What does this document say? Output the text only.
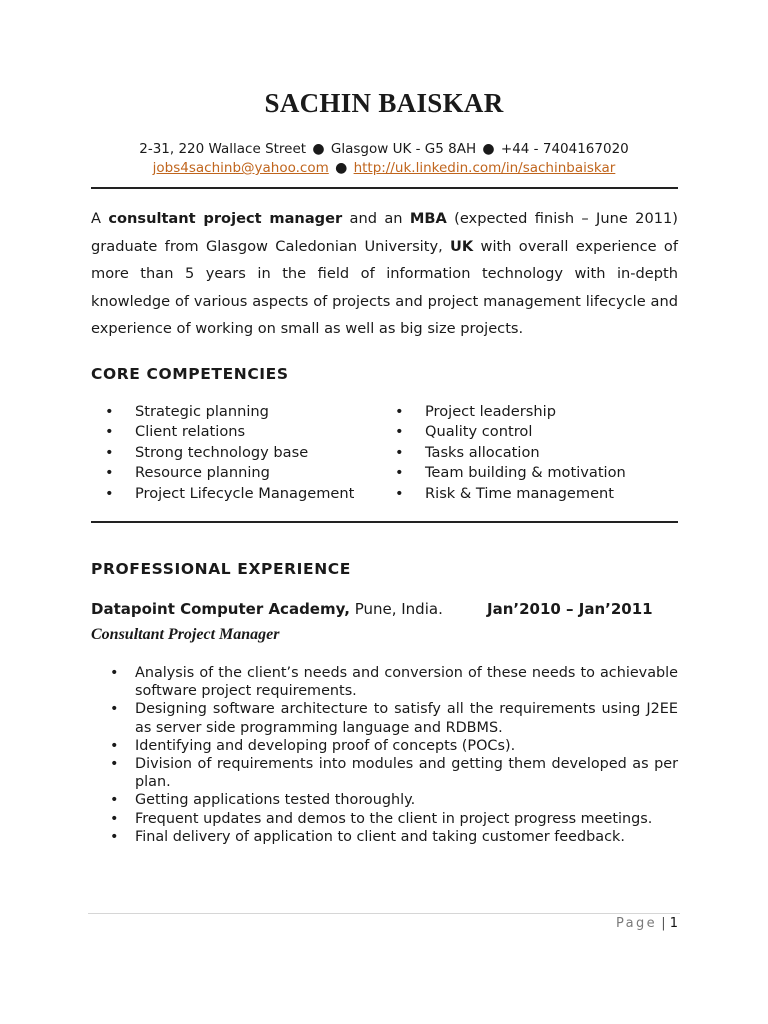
SACHIN BAISKAR
2-31, 220 Wallace Street ● Glasgow UK - G5 8AH ● +44 - 7404167020
jobs4sachinb@yahoo.com ● http://uk.linkedin.com/in/sachinbaiskar

A consultant project manager and an MBA (expected finish – June 2011) graduate from Glasgow Caledonian University, UK with overall experience of more than 5 years in the field of information technology with in-depth knowledge of various aspects of projects and project management lifecycle and experience of working on small as well as big size projects.

CORE COMPETENCIES
• Strategic planning
• Client relations
• Strong technology base
• Resource planning
• Project Lifecycle Management
• Project leadership
• Quality control
• Tasks allocation
• Team building & motivation
• Risk & Time management
PROFESSIONAL EXPERIENCE
Datapoint Computer Academy, Pune, India.	Jan’2010 – Jan’2011
Consultant Project Manager
• Analysis of the client’s needs and conversion of these needs to achievable software project requirements.
• Designing software architecture to satisfy all the requirements using J2EE as server side programming language and RDBMS.
• Identifying and developing proof of concepts (POCs).
• Division of requirements into modules and getting them developed as per plan.
• Getting applications tested thoroughly.
• Frequent updates and demos to the client in project progress meetings.
• Final delivery of application to client and taking customer feedback.
Page | 1
